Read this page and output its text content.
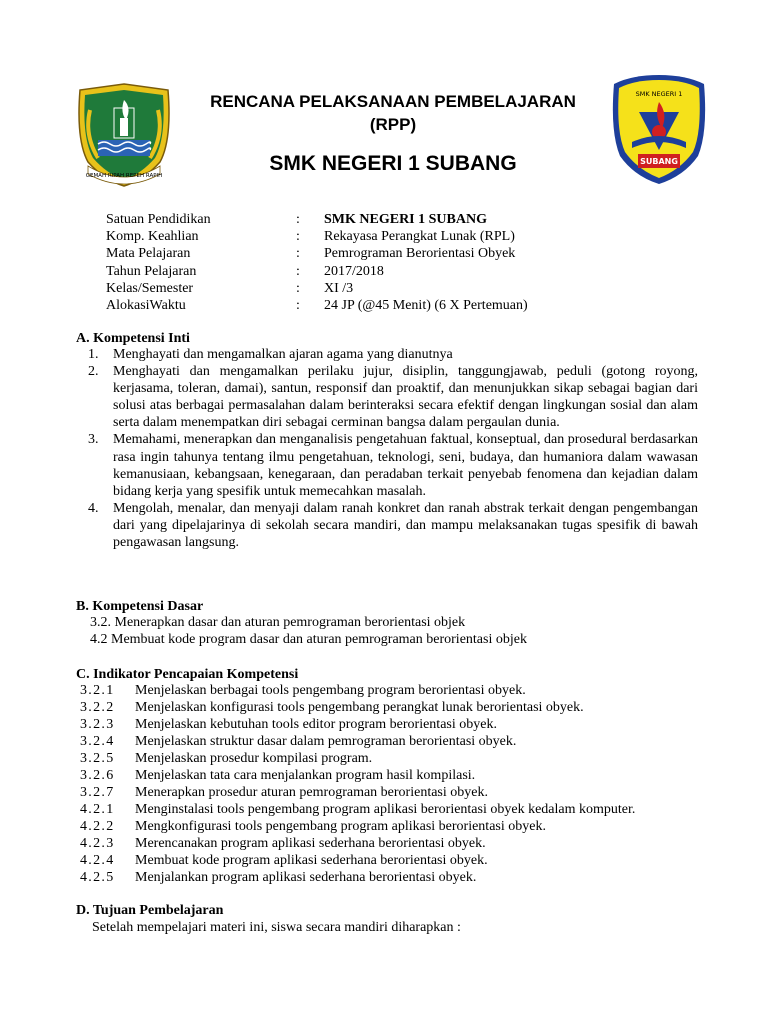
GEMAH RIPAH REPEH RAPIH
SUBANG
SMK NEGERI 1
RENCANA PELAKSANAAN PEMBELAJARAN
(RPP)
SMK NEGERI 1 SUBANG
Satuan Pendidikan	: SMK NEGERI 1 SUBANG
Komp. Keahlian	: Rekayasa Perangkat Lunak (RPL)
Mata Pelajaran	: Pemrograman Berorientasi Obyek
Tahun Pelajaran	: 2017/2018
Kelas/Semester	: XI /3
AlokasiWaktu	: 24 JP (@45 Menit) (6 X Pertemuan)
A. Kompetensi Inti
1. Menghayati dan mengamalkan ajaran agama yang dianutnya
2. Menghayati dan mengamalkan perilaku jujur, disiplin, tanggungjawab, peduli (gotong royong, kerjasama, toleran, damai), santun, responsif dan proaktif, dan menunjukkan sikap sebagai bagian dari solusi atas berbagai permasalahan dalam berinteraksi secara efektif dengan lingkungan sosial dan alam serta dalam menempatkan diri sebagai cerminan bangsa dalam pergaulan dunia.
3. Memahami, menerapkan dan menganalisis pengetahuan faktual, konseptual, dan prosedural berdasarkan rasa ingin tahunya tentang ilmu pengetahuan, teknologi, seni, budaya, dan humaniora dalam wawasan kemanusiaan, kebangsaan, kenegaraan, dan peradaban terkait penyebab fenomena dan kejadian dalam bidang kerja yang spesifik untuk memecahkan masalah.
4. Mengolah, menalar, dan menyaji dalam ranah konkret dan ranah abstrak terkait dengan pengembangan dari yang dipelajarinya di sekolah secara mandiri, dan mampu melaksanakan tugas spesifik di bawah pengawasan langsung.
B. Kompetensi Dasar
3.2. Menerapkan dasar dan aturan pemrograman berorientasi objek
4.2 Membuat kode program dasar dan aturan pemrograman berorientasi objek
C. Indikator Pencapaian Kompetensi
3.2.1 Menjelaskan berbagai tools pengembang program berorientasi obyek.
3.2.2 Menjelaskan konfigurasi tools pengembang perangkat lunak berorientasi obyek.
3.2.3 Menjelaskan kebutuhan tools editor program berorientasi obyek.
3.2.4 Menjelaskan struktur dasar dalam pemrograman berorientasi obyek.
3.2.5 Menjelaskan prosedur kompilasi program.
3.2.6 Menjelaskan tata cara menjalankan program hasil kompilasi.
3.2.7 Menerapkan prosedur aturan pemrograman berorientasi obyek.
4.2.1 Menginstalasi tools pengembang program aplikasi berorientasi obyek kedalam komputer.
4.2.2 Mengkonfigurasi tools pengembang program aplikasi berorientasi obyek.
4.2.3 Merencanakan program aplikasi sederhana berorientasi obyek.
4.2.4 Membuat kode program aplikasi sederhana berorientasi obyek.
4.2.5 Menjalankan program aplikasi sederhana berorientasi obyek.
D. Tujuan Pembelajaran
Setelah mempelajari materi ini, siswa secara mandiri diharapkan :
